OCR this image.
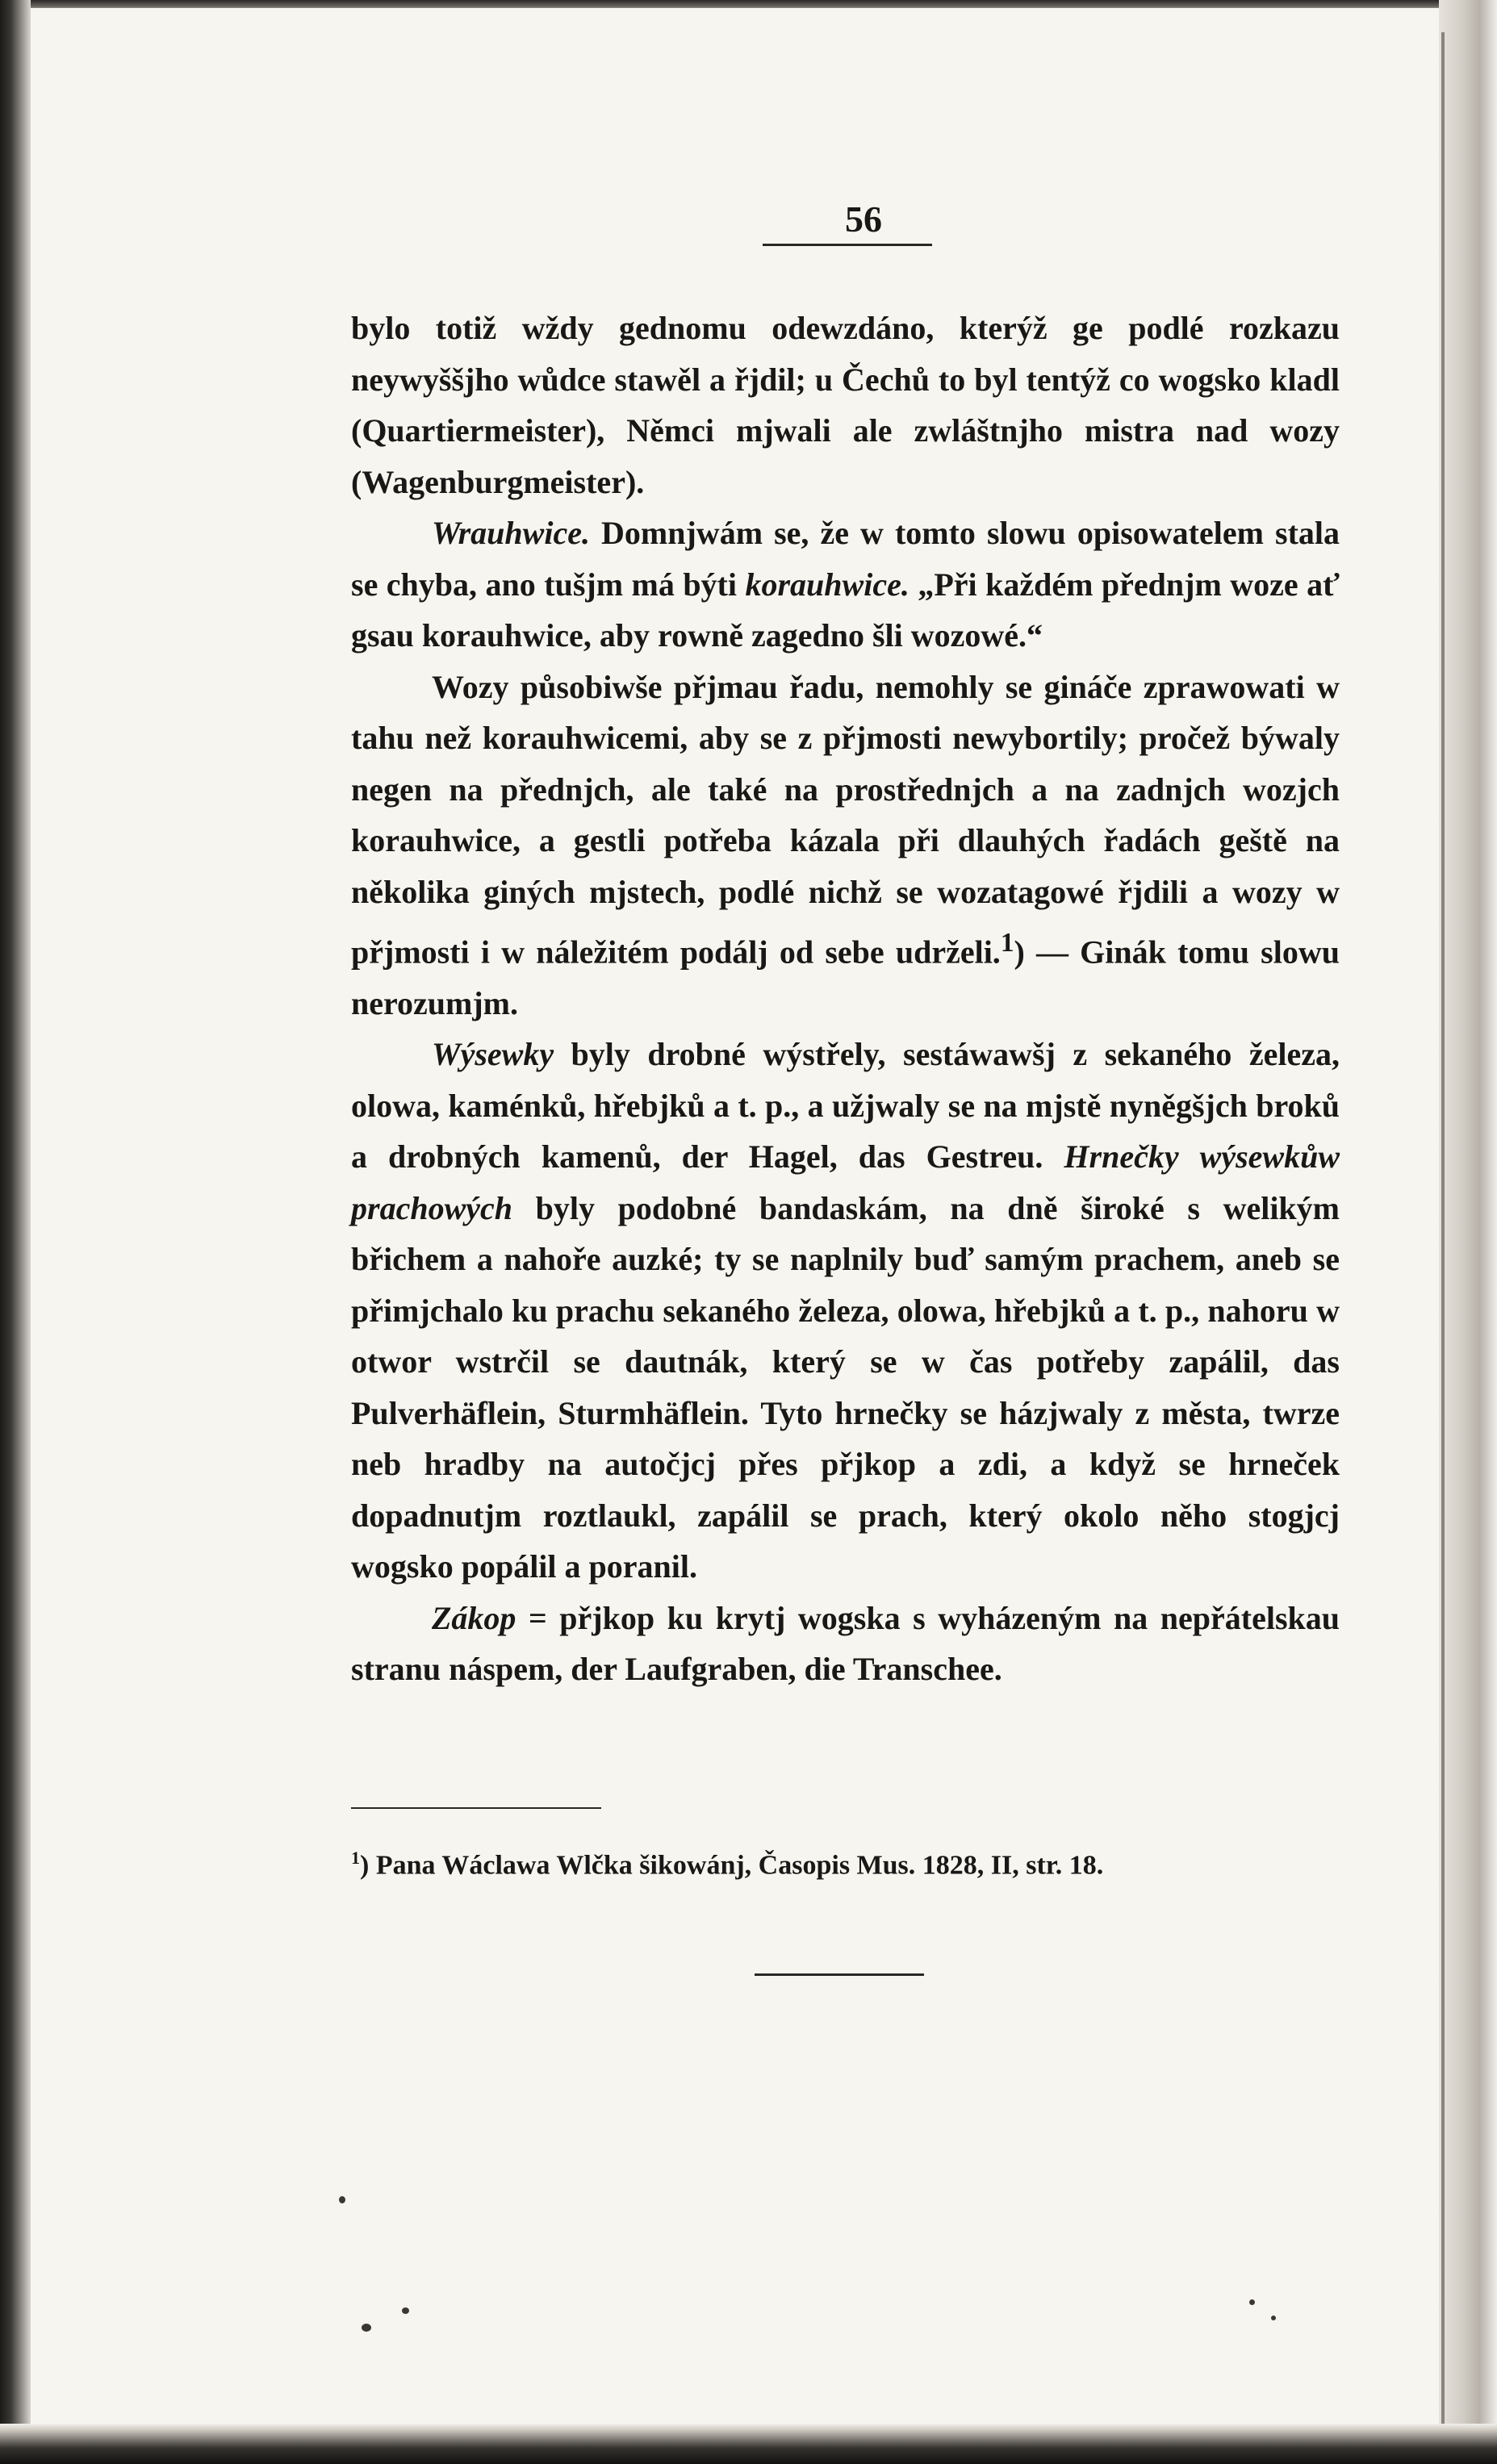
56

bylo totiž wždy gednomu odewzdáno, kterýž ge podlé rozkazu neywyššjho wůdce stawěl a řjdil; u Čechů to byl tentýž co wogsko kladl (Quartiermeister), Němci mjwali ale zwláštnjho mistra nad wozy (Wagenburgmeister).

Wrauhwice. Domnjwám se, že w tomto slowu opisowatelem stala se chyba, ano tušjm má býti korauhwice. „Při každém přednjm woze ať gsau korauhwice, aby rowně zagedno šli wozowé.“

Wozy působiwše přjmau řadu, nemohly se gináče zprawowati w tahu než korauhwicemi, aby se z přjmosti newybortily; pročež býwaly negen na přednjch, ale také na prostřednjch a na zadnjch wozjch korauhwice, a gestli potřeba kázala při dlauhých řadách geště na několika giných mjstech, podlé nichž se wozatagowé řjdili a wozy w přjmosti i w náležitém podálj od sebe udrželi.$^1$) — Ginák tomu slowu nerozumjm.

Wýsewky byly drobné wýstřely, sestáwawšj z sekaného železa, olowa, kaménků, hřebjků a t. p., a užjwaly se na mjstě nyněgšjch broků a drobných kamenů, der Hagel, das Gestreu. Hrnečky wýsewkůw prachowých byly podobné bandaskám, na dně široké s welikým břichem a nahoře auzké; ty se naplnily buď samým prachem, aneb se přimjchalo ku prachu sekaného železa, olowa, hřebjků a t. p., nahoru w otwor wstrčil se dautnák, který se w čas potřeby zapálil, das Pulverhäflein, Sturmhäflein. Tyto hrnečky se házjwaly z města, twrze neb hradby na autočjcj přes přjkop a zdi, a když se hrneček dopadnutjm roztlaukl, zapálil se prach, který okolo něho stogjcj wogsko popálil a poranil.

Zákop = přjkop ku krytj wogska s wyházeným na nepřátelskau stranu náspem, der Laufgraben, die Transchee.

$^1$) Pana Wáclawa Wlčka šikowánj, Časopis Mus. 1828, II, str. 18.
